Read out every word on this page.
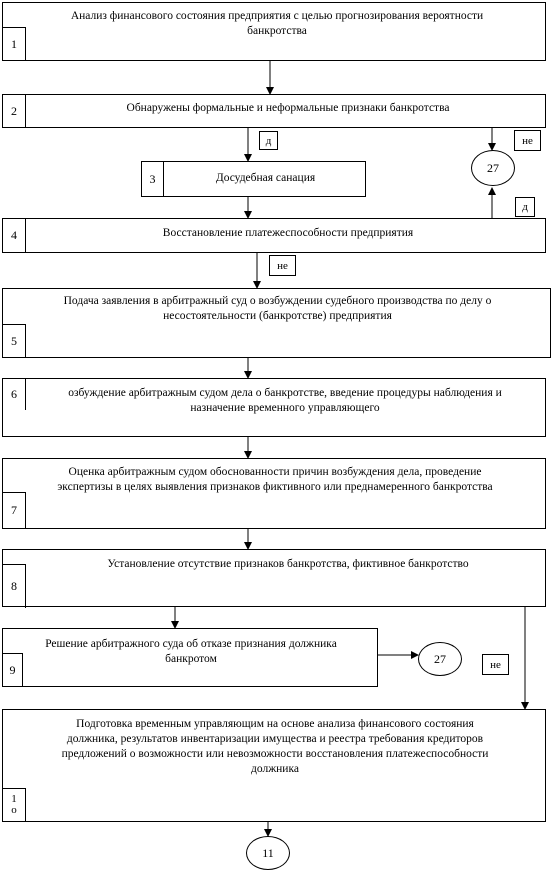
1
Анализ финансового состояния предприятия с целью прогнозирования вероятности
банкротства
2	Обнаружены формальные и неформальные признаки банкротства
д	не
3	Досудебная санация
27
д
4	Восстановление платежеспособности предприятия
не
5
Подача заявления в арбитражный суд о возбуждении судебного производства по делу о
несостоятельности (банкротстве) предприятия
6	озбуждение арбитражным судом дела о банкротстве, введение процедуры наблюдения и
назначение временного управляющего
7
Оценка арбитражным судом обоснованности причин возбуждения дела, проведение
экспертизы в целях выявления признаков фиктивного или преднамеренного банкротства
8
Установление отсутствие признаков банкротства, фиктивное банкротство
9
Решение арбитражного суда об отказе признания должника
банкротом	27	не
1
о
Подготовка временным управляющим на основе анализа финансового состояния
должника, результатов инвентаризации имущества и реестра требования кредиторов
предложений о возможности или невозможности восстановления платежеспособности
должника
11
